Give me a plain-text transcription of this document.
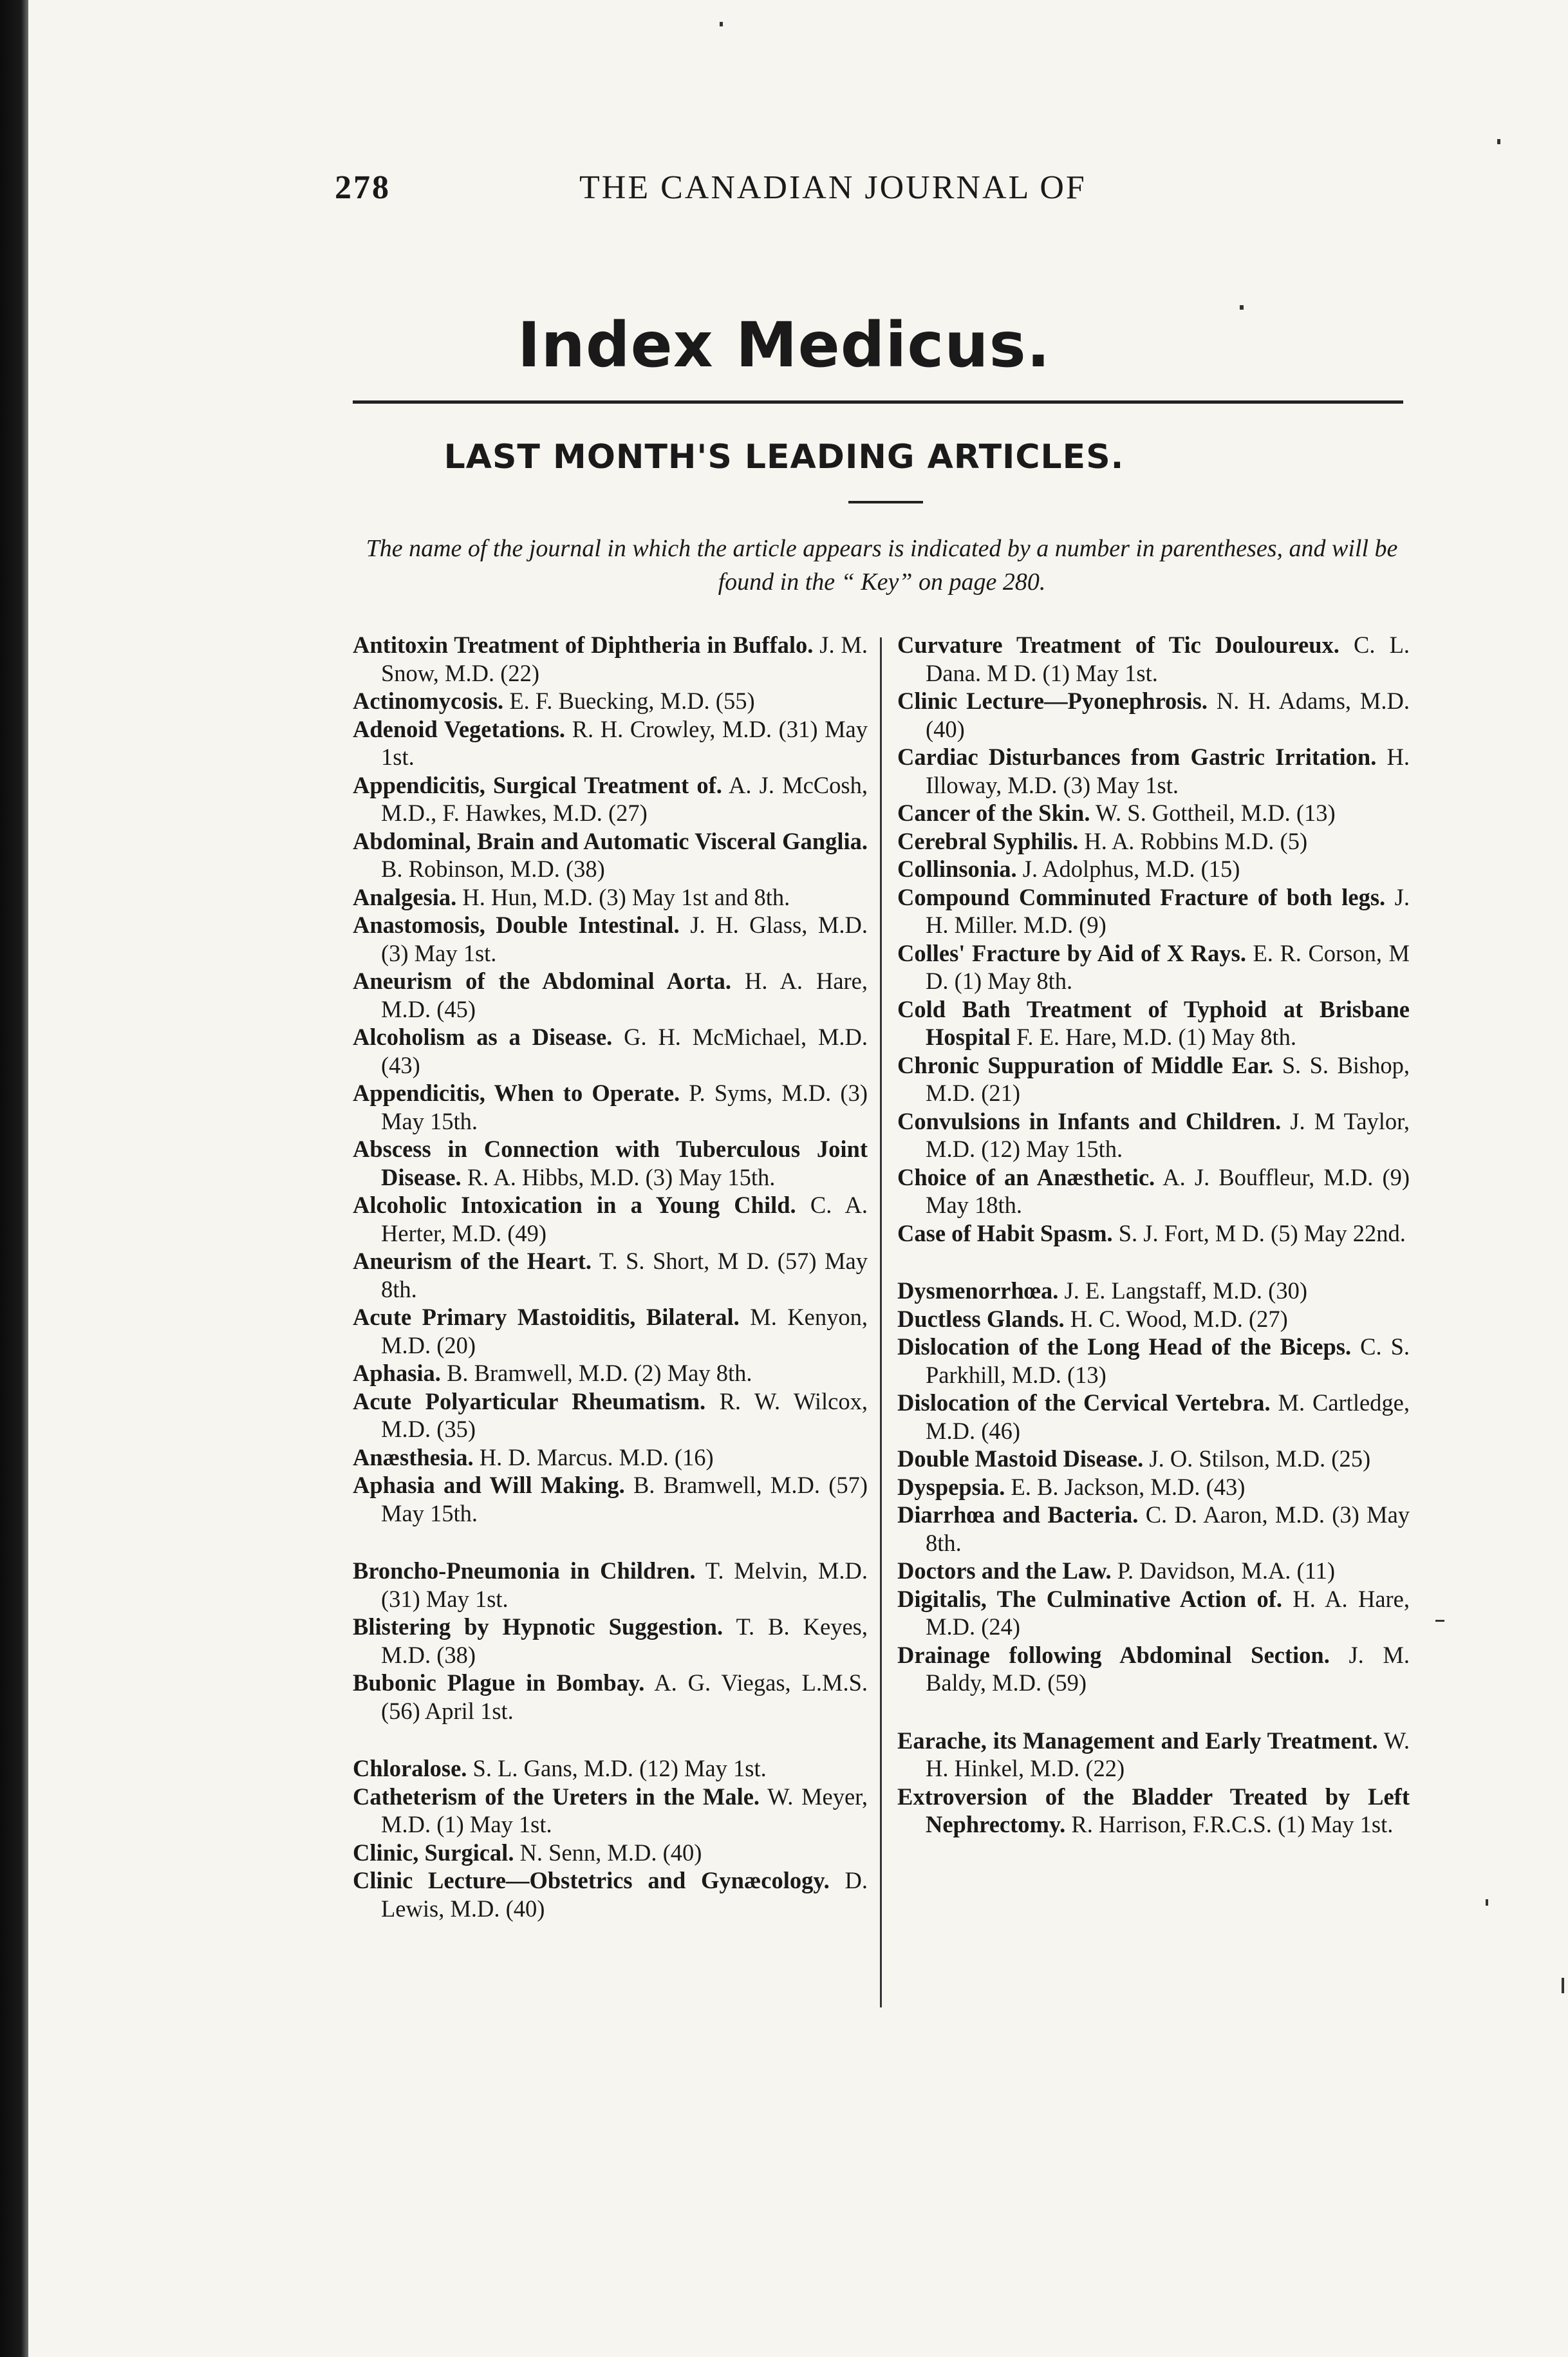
278	THE CANADIAN JOURNAL OF
Index Medicus.
LAST MONTH'S LEADING ARTICLES.
The name of the journal in which the article appears is indicated by a number in parentheses, and will be found in the “ Key” on page 280.

Antitoxin Treatment of Diphtheria in Buffalo. J. M. Snow, M.D. (22)

Actinomycosis. E. F. Buecking, M.D. (55)

Adenoid Vegetations. R. H. Crowley, M.D. (31) May 1st.

Appendicitis, Surgical Treatment of. A. J. McCosh, M.D., F. Hawkes, M.D. (27)

Abdominal, Brain and Automatic Visceral Ganglia. B. Robinson, M.D. (38)

Analgesia. H. Hun, M.D. (3) May 1st and 8th.

Anastomosis, Double Intestinal. J. H. Glass, M.D. (3) May 1st.

Aneurism of the Abdominal Aorta. H. A. Hare, M.D. (45)

Alcoholism as a Disease. G. H. McMichael, M.D. (43)

Appendicitis, When to Operate. P. Syms, M.D. (3) May 15th.

Abscess in Connection with Tuberculous Joint Disease. R. A. Hibbs, M.D. (3) May 15th.

Alcoholic Intoxication in a Young Child. C. A. Herter, M.D. (49)

Aneurism of the Heart. T. S. Short, M D. (57) May 8th.

Acute Primary Mastoiditis, Bilateral. M. Kenyon, M.D. (20)

Aphasia. B. Bramwell, M.D. (2) May 8th.

Acute Polyarticular Rheumatism. R. W. Wilcox, M.D. (35)

Anæsthesia. H. D. Marcus. M.D. (16)

Aphasia and Will Making. B. Bramwell, M.D. (57) May 15th.

Broncho-Pneumonia in Children. T. Melvin, M.D. (31) May 1st.

Blistering by Hypnotic Suggestion. T. B. Keyes, M.D. (38)

Bubonic Plague in Bombay. A. G. Viegas, L.M.S. (56) April 1st.

Chloralose. S. L. Gans, M.D. (12) May 1st.

Catheterism of the Ureters in the Male. W. Meyer, M.D. (1) May 1st.

Clinic, Surgical. N. Senn, M.D. (40)

Clinic Lecture—Obstetrics and Gynæcology. D. Lewis, M.D. (40)

Curvature Treatment of Tic Douloureux. C. L. Dana. M D. (1) May 1st.

Clinic Lecture—Pyonephrosis. N. H. Adams, M.D. (40)

Cardiac Disturbances from Gastric Irritation. H. Illoway, M.D. (3) May 1st.

Cancer of the Skin. W. S. Gottheil, M.D. (13)

Cerebral Syphilis. H. A. Robbins M.D. (5)

Collinsonia. J. Adolphus, M.D. (15)

Compound Comminuted Fracture of both legs. J. H. Miller. M.D. (9)

Colles' Fracture by Aid of X Rays. E. R. Corson, M D. (1) May 8th.

Cold Bath Treatment of Typhoid at Brisbane Hospital F. E. Hare, M.D. (1) May 8th.

Chronic Suppuration of Middle Ear. S. S. Bishop, M.D. (21)

Convulsions in Infants and Children. J. M Taylor, M.D. (12) May 15th.

Choice of an Anæsthetic. A. J. Bouffleur, M.D. (9) May 18th.

Case of Habit Spasm. S. J. Fort, M D. (5) May 22nd.

Dysmenorrhœa. J. E. Langstaff, M.D. (30)

Ductless Glands. H. C. Wood, M.D. (27)

Dislocation of the Long Head of the Biceps. C. S. Parkhill, M.D. (13)

Dislocation of the Cervical Vertebra. M. Cartledge, M.D. (46)

Double Mastoid Disease. J. O. Stilson, M.D. (25)

Dyspepsia. E. B. Jackson, M.D. (43)

Diarrhœa and Bacteria. C. D. Aaron, M.D. (3) May 8th.

Doctors and the Law. P. Davidson, M.A. (11)

Digitalis, The Culminative Action of. H. A. Hare, M.D. (24)

Drainage following Abdominal Section. J. M. Baldy, M.D. (59)

Earache, its Management and Early Treatment. W. H. Hinkel, M.D. (22)

Extroversion of the Bladder Treated by Left Nephrectomy. R. Harrison, F.R.C.S. (1) May 1st.
